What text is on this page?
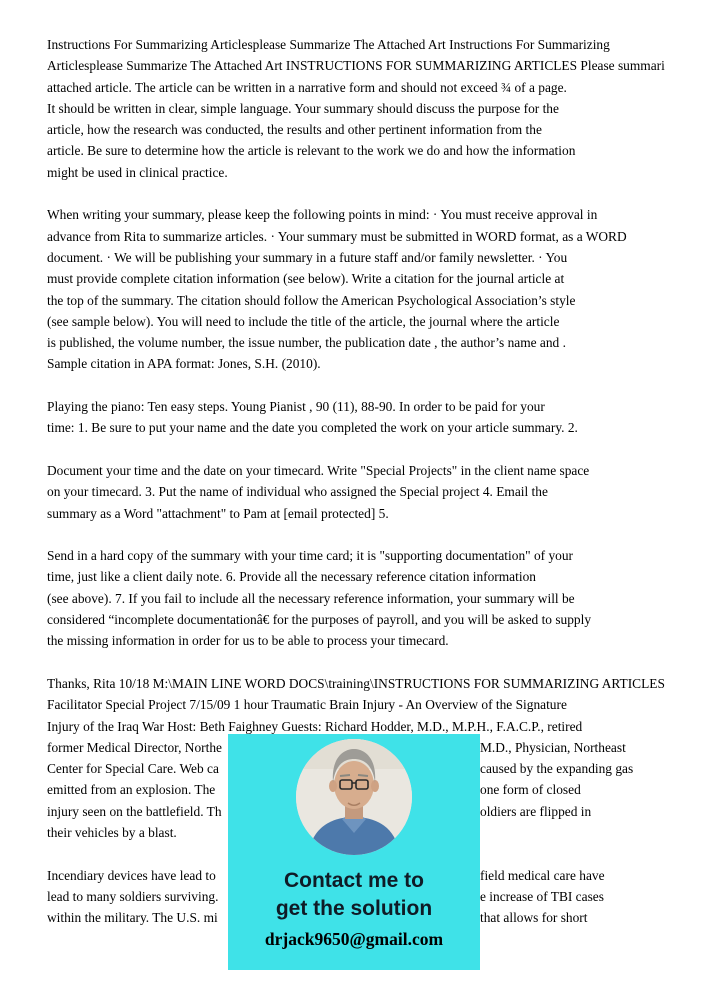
Instructions For Summarizing Articlesplease Summarize The Attached Art Instructions For Summarizing
Articlesplease Summarize The Attached Art INSTRUCTIONS FOR SUMMARIZING ARTICLES Please summari
attached article. The article can be written in a narrative form and should not exceed ¾ of a page.
It should be written in clear, simple language. Your summary should discuss the purpose for the
article, how the research was conducted, the results and other pertinent information from the
article. Be sure to determine how the article is relevant to the work we do and how the information
might be used in clinical practice.
When writing your summary, please keep the following points in mind: · You must receive approval in
advance from Rita to summarize articles. · Your summary must be submitted in WORD format, as a WORD
document. · We will be publishing your summary in a future staff and/or family newsletter. · You
must provide complete citation information (see below). Write a citation for the journal article at
the top of the summary. The citation should follow the American Psychological Association’s style
(see sample below). You will need to include the title of the article, the journal where the article
is published, the volume number, the issue number, the publication date , the author’s name and .
Sample citation in APA format: Jones, S.H. (2010).
Playing the piano: Ten easy steps. Young Pianist , 90 (11), 88-90. In order to be paid for your
time: 1. Be sure to put your name and the date you completed the work on your article summary. 2.
Document your time and the date on your timecard. Write "Special Projects" in the client name space
on your timecard. 3. Put the name of individual who assigned the Special project 4. Email the
summary as a Word "attachment" to Pam at [email protected] 5.
Send in a hard copy of the summary with your time card; it is "supporting documentation" of your
time, just like a client daily note. 6. Provide all the necessary reference citation information
(see above). 7. If you fail to include all the necessary reference information, your summary will be
considered “incomplete documentationâ€ for the purposes of payroll, and you will be asked to supply
the missing information in order for us to be able to process your timecard.
Thanks, Rita 10/18 M:\MAIN LINE WORD DOCS\training\INSTRUCTIONS FOR SUMMARIZING ARTICLES
Facilitator Special Project 7/15/09 1 hour Traumatic Brain Injury - An Overview of the Signature
Injury of the Iraq War Host: Beth Faighney Guests: Richard Hodder, M.D., M.P.H., F.A.C.P., retired
former Medical Director, Northe	M.D., Physician, Northeast
Center for Special Care. Web ca	caused by the expanding gas
emitted from an explosion. The	one form of closed
injury seen on the battlefield. Th	oldiers are flipped in
their vehicles by a blast.
Incendiary devices have lead to	field medical care have
lead to many soldiers surviving.	e increase of TBI cases
within the military. The U.S. mi	that allows for short
Contact me to
get the solution
drjack9650@gmail.com
